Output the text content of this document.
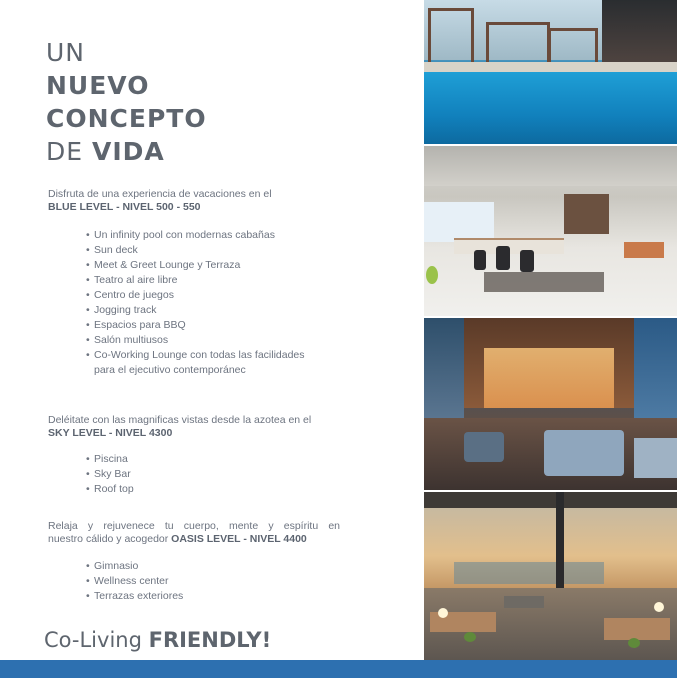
UN
NUEVO
CONCEPTO
DE VIDA
Disfruta de una experiencia de vacaciones en el
BLUE LEVEL - NIVEL 500 - 550
• Un infinity pool con modernas cabañas
• Sun deck
• Meet & Greet Lounge y Terraza
• Teatro al aire libre
• Centro de juegos
• Jogging track
• Espacios para BBQ
• Salón multiusos
• Co-Working Lounge con todas las facilidades
para el ejecutivo contemporánec
Deléitate con las magnificas vistas desde la azotea en el
SKY LEVEL - NIVEL 4300
• Piscina
• Sky Bar
• Roof top
Relaja y rejuvenece tu cuerpo, mente y espíritu en
nuestro cálido y acogedor OASIS LEVEL - NIVEL 4400
• Gimnasio
• Wellness center
• Terrazas exteriores
Co-Living FRIENDLY!
